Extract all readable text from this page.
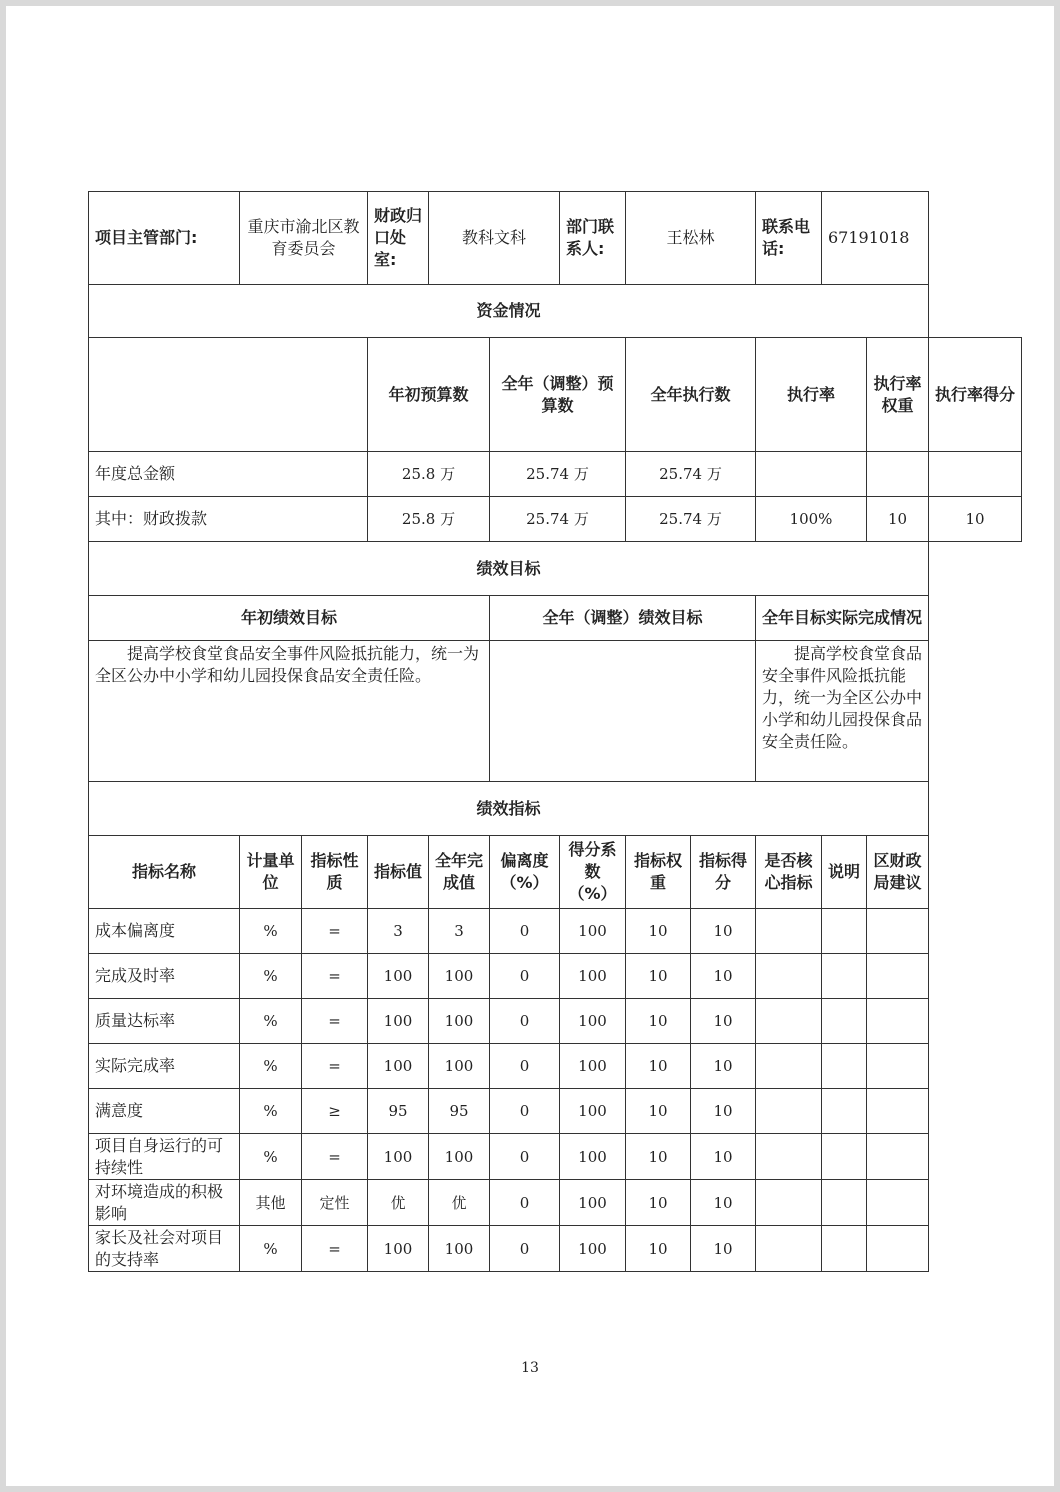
项目主管部门:	重庆市渝北区教育委员会		财政归口处室:	教科文科		部门联系人:	王松林		联系电话:	67191018		
资金情况												
			年初预算数		全年（调整）预算数		全年执行数		执行率		执行率权重	执行率得分
年度总金额			25.8 万		25.74 万		25.74 万					
其中：财政拨款			25.8 万		25.74 万		25.74 万		100%		10	10
绩效目标												
年初绩效目标					全年（调整）绩效目标				全年目标实际完成情况			
提高学校食堂食品安全事件风险抵抗能力，统一为全区公办中小学和幼儿园投保食品安全责任险。									提高学校食堂食品安全事件风险抵抗能力，统一为全区公办中小学和幼儿园投保食品安全责任险。			
绩效指标												
指标名称	计量单位	指标性质	指标值	全年完成值	偏离度（%）	得分系数（%）	指标权重	指标得分	是否核心指标	说明	区财政局建议	
成本偏离度	%	=	3	3	0	100	10	10				
完成及时率	%	=	100	100	0	100	10	10				
质量达标率	%	=	100	100	0	100	10	10				
实际完成率	%	=	100	100	0	100	10	10				
满意度	%	≥	95	95	0	100	10	10				
项目自身运行的可持续性	%	=	100	100	0	100	10	10				
对环境造成的积极影响	其他	定性	优	优	0	100	10	10				
家长及社会对项目的支持率	%	=	100	100	0	100	10	10				
13
